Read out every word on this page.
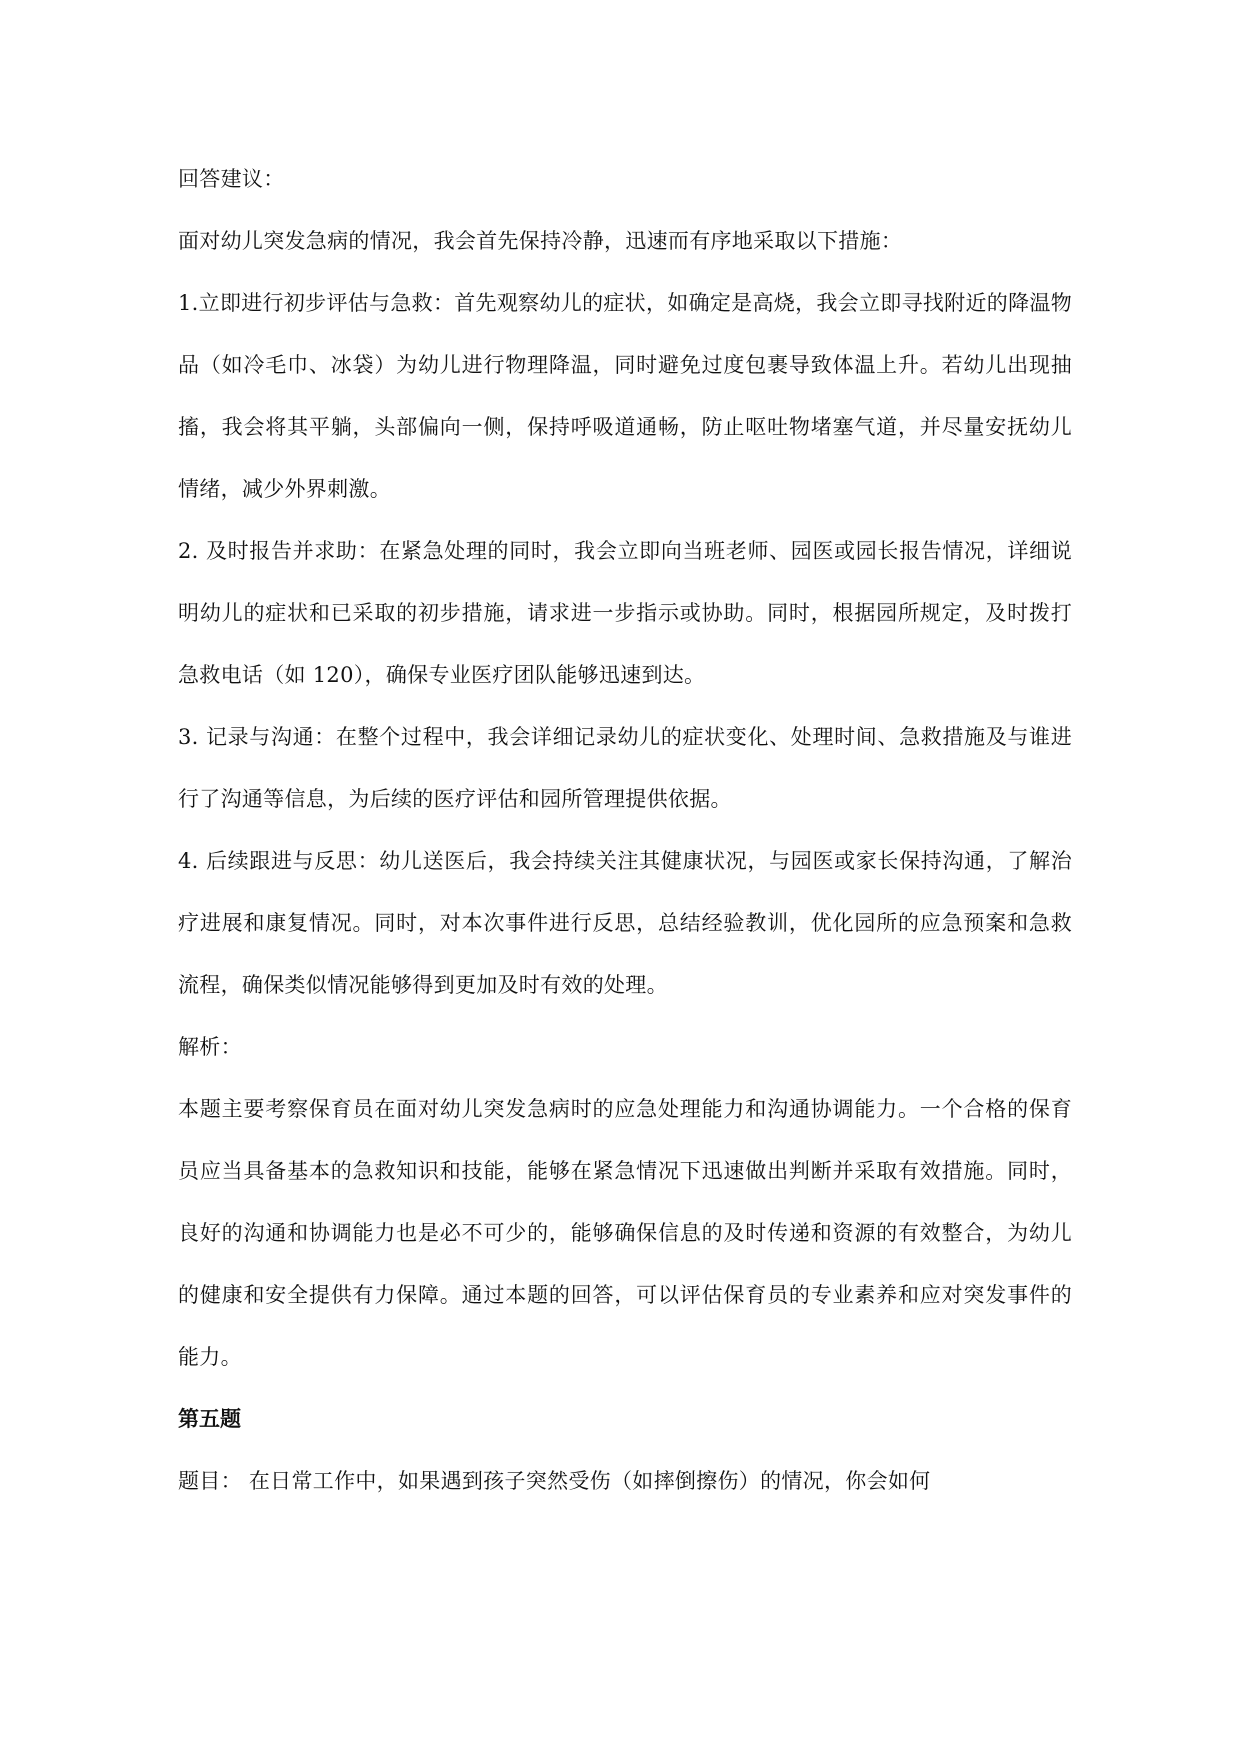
回答建议：

面对幼儿突发急病的情况，我会首先保持冷静，迅速而有序地采取以下措施：

1.立即进行初步评估与急救：首先观察幼儿的症状，如确定是高烧，我会立即寻找附近的降温物品（如冷毛巾、冰袋）为幼儿进行物理降温，同时避免过度包裹导致体温上升。若幼儿出现抽搐，我会将其平躺，头部偏向一侧，保持呼吸道通畅，防止呕吐物堵塞气道，并尽量安抚幼儿情绪，减少外界刺激。

2. 及时报告并求助：在紧急处理的同时，我会立即向当班老师、园医或园长报告情况，详细说明幼儿的症状和已采取的初步措施，请求进一步指示或协助。同时，根据园所规定，及时拨打急救电话（如 120），确保专业医疗团队能够迅速到达。

3. 记录与沟通：在整个过程中，我会详细记录幼儿的症状变化、处理时间、急救措施及与谁进行了沟通等信息，为后续的医疗评估和园所管理提供依据。

4. 后续跟进与反思：幼儿送医后，我会持续关注其健康状况，与园医或家长保持沟通，了解治疗进展和康复情况。同时，对本次事件进行反思，总结经验教训，优化园所的应急预案和急救流程，确保类似情况能够得到更加及时有效的处理。

解析：

本题主要考察保育员在面对幼儿突发急病时的应急处理能力和沟通协调能力。一个合格的保育员应当具备基本的急救知识和技能，能够在紧急情况下迅速做出判断并采取有效措施。同时，良好的沟通和协调能力也是必不可少的，能够确保信息的及时传递和资源的有效整合，为幼儿的健康和安全提供有力保障。通过本题的回答，可以评估保育员的专业素养和应对突发事件的能力。

第五题

题目： 在日常工作中，如果遇到孩子突然受伤（如摔倒擦伤）的情况，你会如何
